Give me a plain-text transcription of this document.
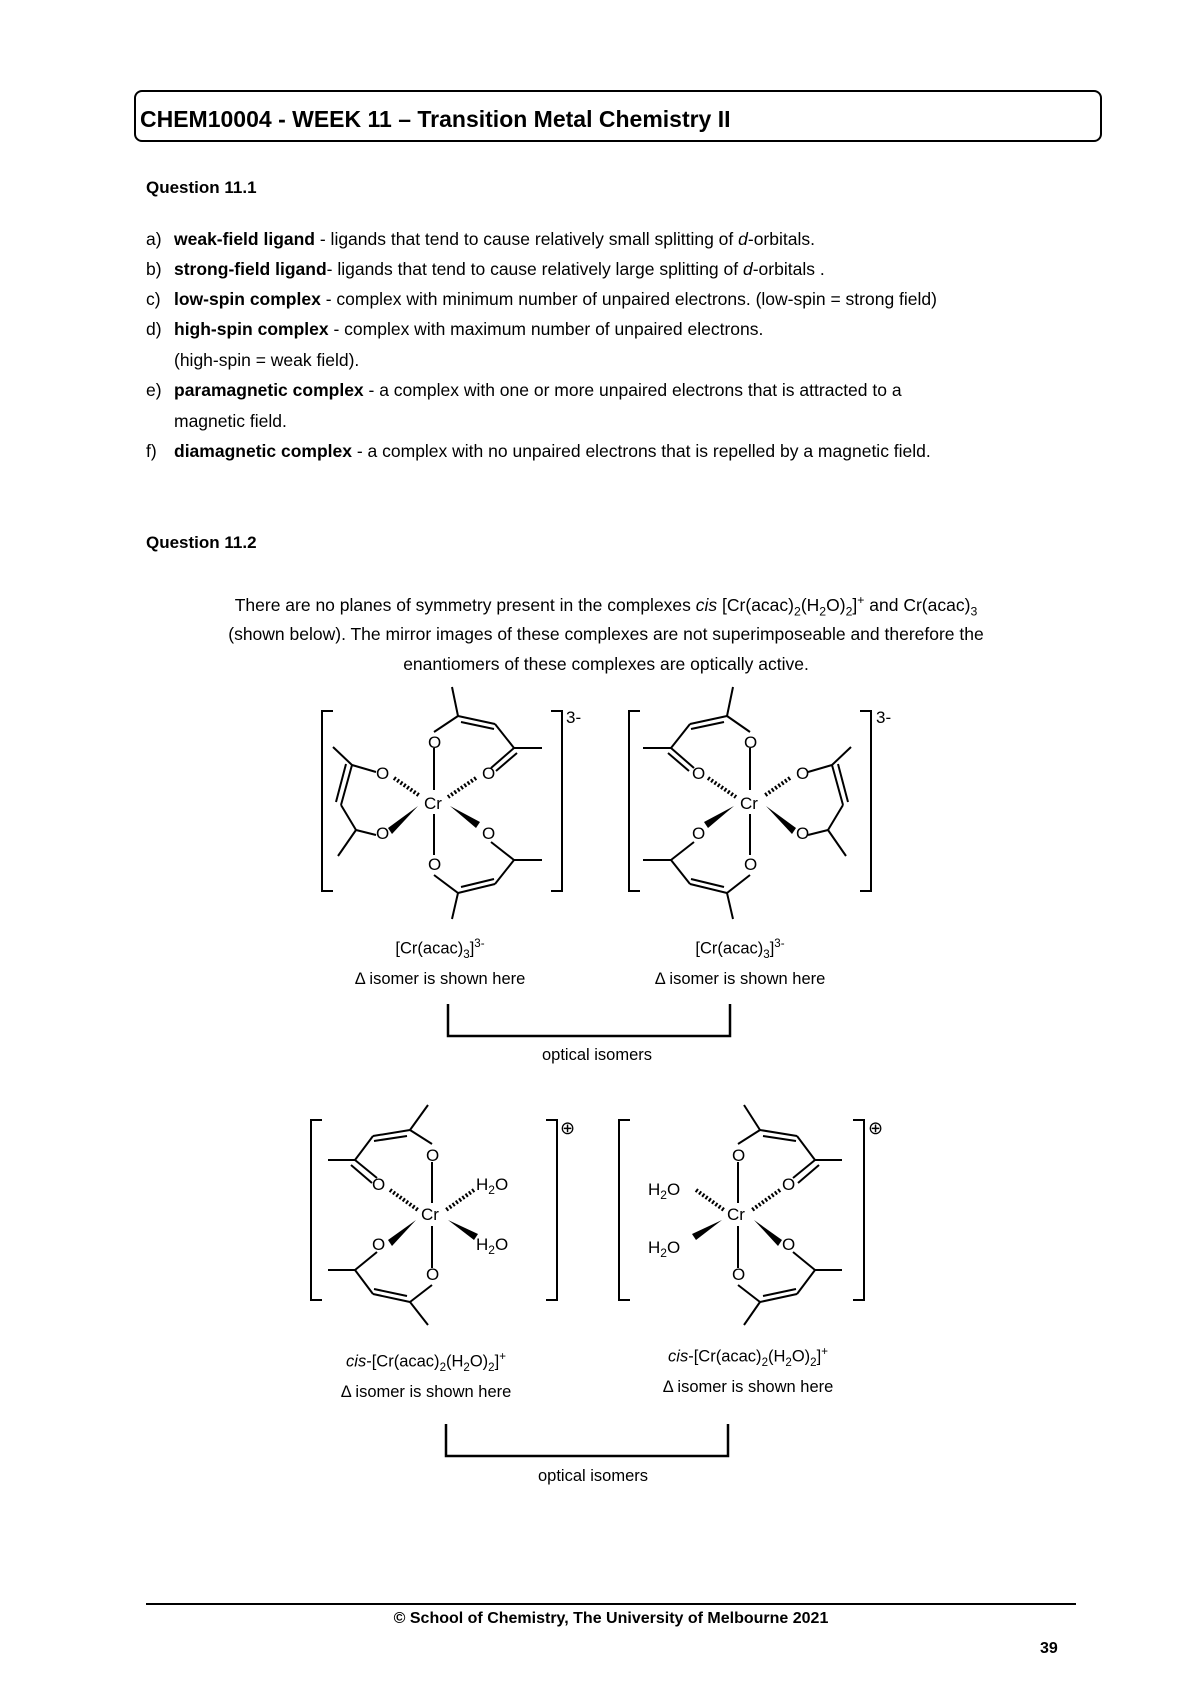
CHEM10004 - WEEK 11 – Transition Metal Chemistry II
Question 11.1
a) weak-field ligand - ligands that tend to cause relatively small splitting of d-orbitals.
b) strong-field ligand- ligands that tend to cause relatively large splitting of d-orbitals .
c) low-spin complex - complex with minimum number of unpaired electrons. (low-spin = strong field)
d) high-spin complex - complex with maximum number of unpaired electrons.
(high-spin = weak field).
e) paramagnetic complex - a complex with one or more unpaired electrons that is attracted to a
magnetic field.
f) diamagnetic complex - a complex with no unpaired electrons that is repelled by a magnetic field.
Question 11.2
There are no planes of symmetry present in the complexes cis $[Cr(acac)_2(H_2O)_2]^+$ and $Cr(acac)_3$
(shown below). The mirror images of these complexes are not superimposeable and therefore the
enantiomers of these complexes are optically active.
O
O	O
Cr
O	O
O
3-
O
O	O
Cr
O	O
O
3-
O
O	$H_2O$
Cr
O	$H_2O$
O
⊕
O
$H_2O$	O
Cr
$H_2O$	O
O
⊕
$[Cr(acac)_3]^{3-}$
Δ isomer is shown here
$[Cr(acac)_3]^{3-}$
Δ isomer is shown here
optical isomers
cis-$[Cr(acac)_2(H_2O)_2]^+$
Δ isomer is shown here
cis-$[Cr(acac)_2(H_2O)_2]^+$
Δ isomer is shown here
optical isomers
© School of Chemistry, The University of Melbourne 2021
39
